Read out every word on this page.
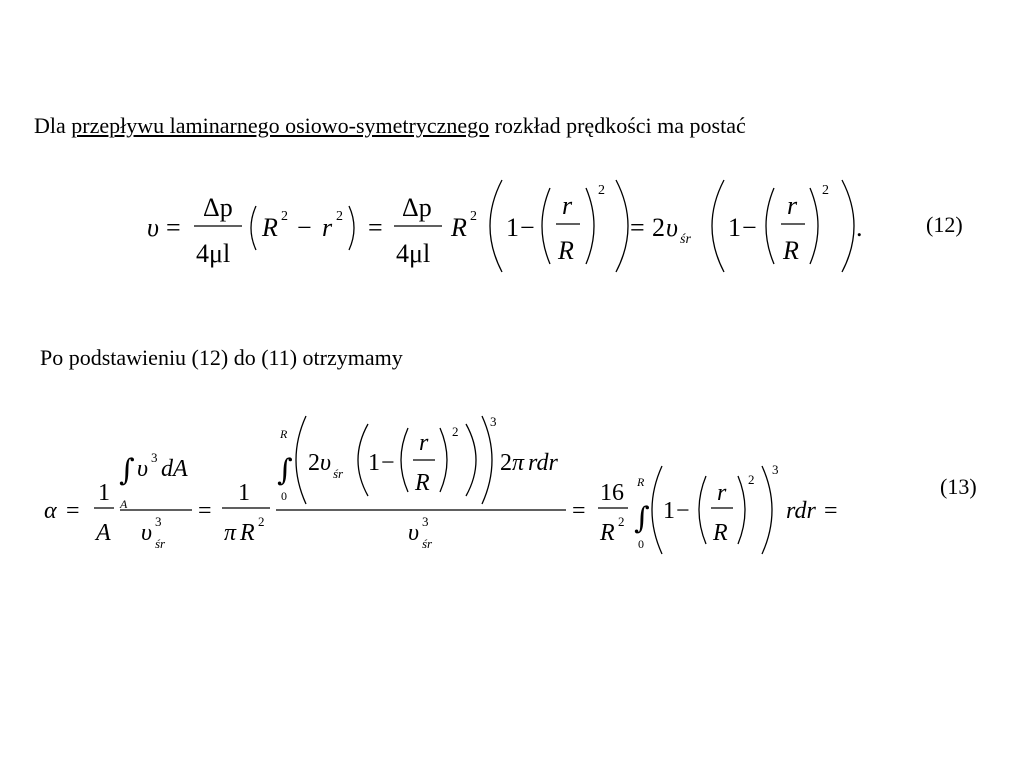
Dla przepływu laminarnego osiowo-symetrycznego rozkład prędkości ma postać
(12)
Po podstawieniu (12) do (11) otrzymamy
(13)
υ =
Δp
4μl
R 2 − r 2 =
Δp
4μl
R 2 1 −
r
R
2
= 2 υ śr 1 −
r
R
2
.
α =
1
A
∫
A
υ 3 dA
υ 3
śr
=
1
π R 2
R
∫
0
2 υ śr 1 −
r
R
2
3
2 π rdr
υ 3
śr
=
16
R 2
R
∫
0
1 −
r
R
2
3
rdr =
